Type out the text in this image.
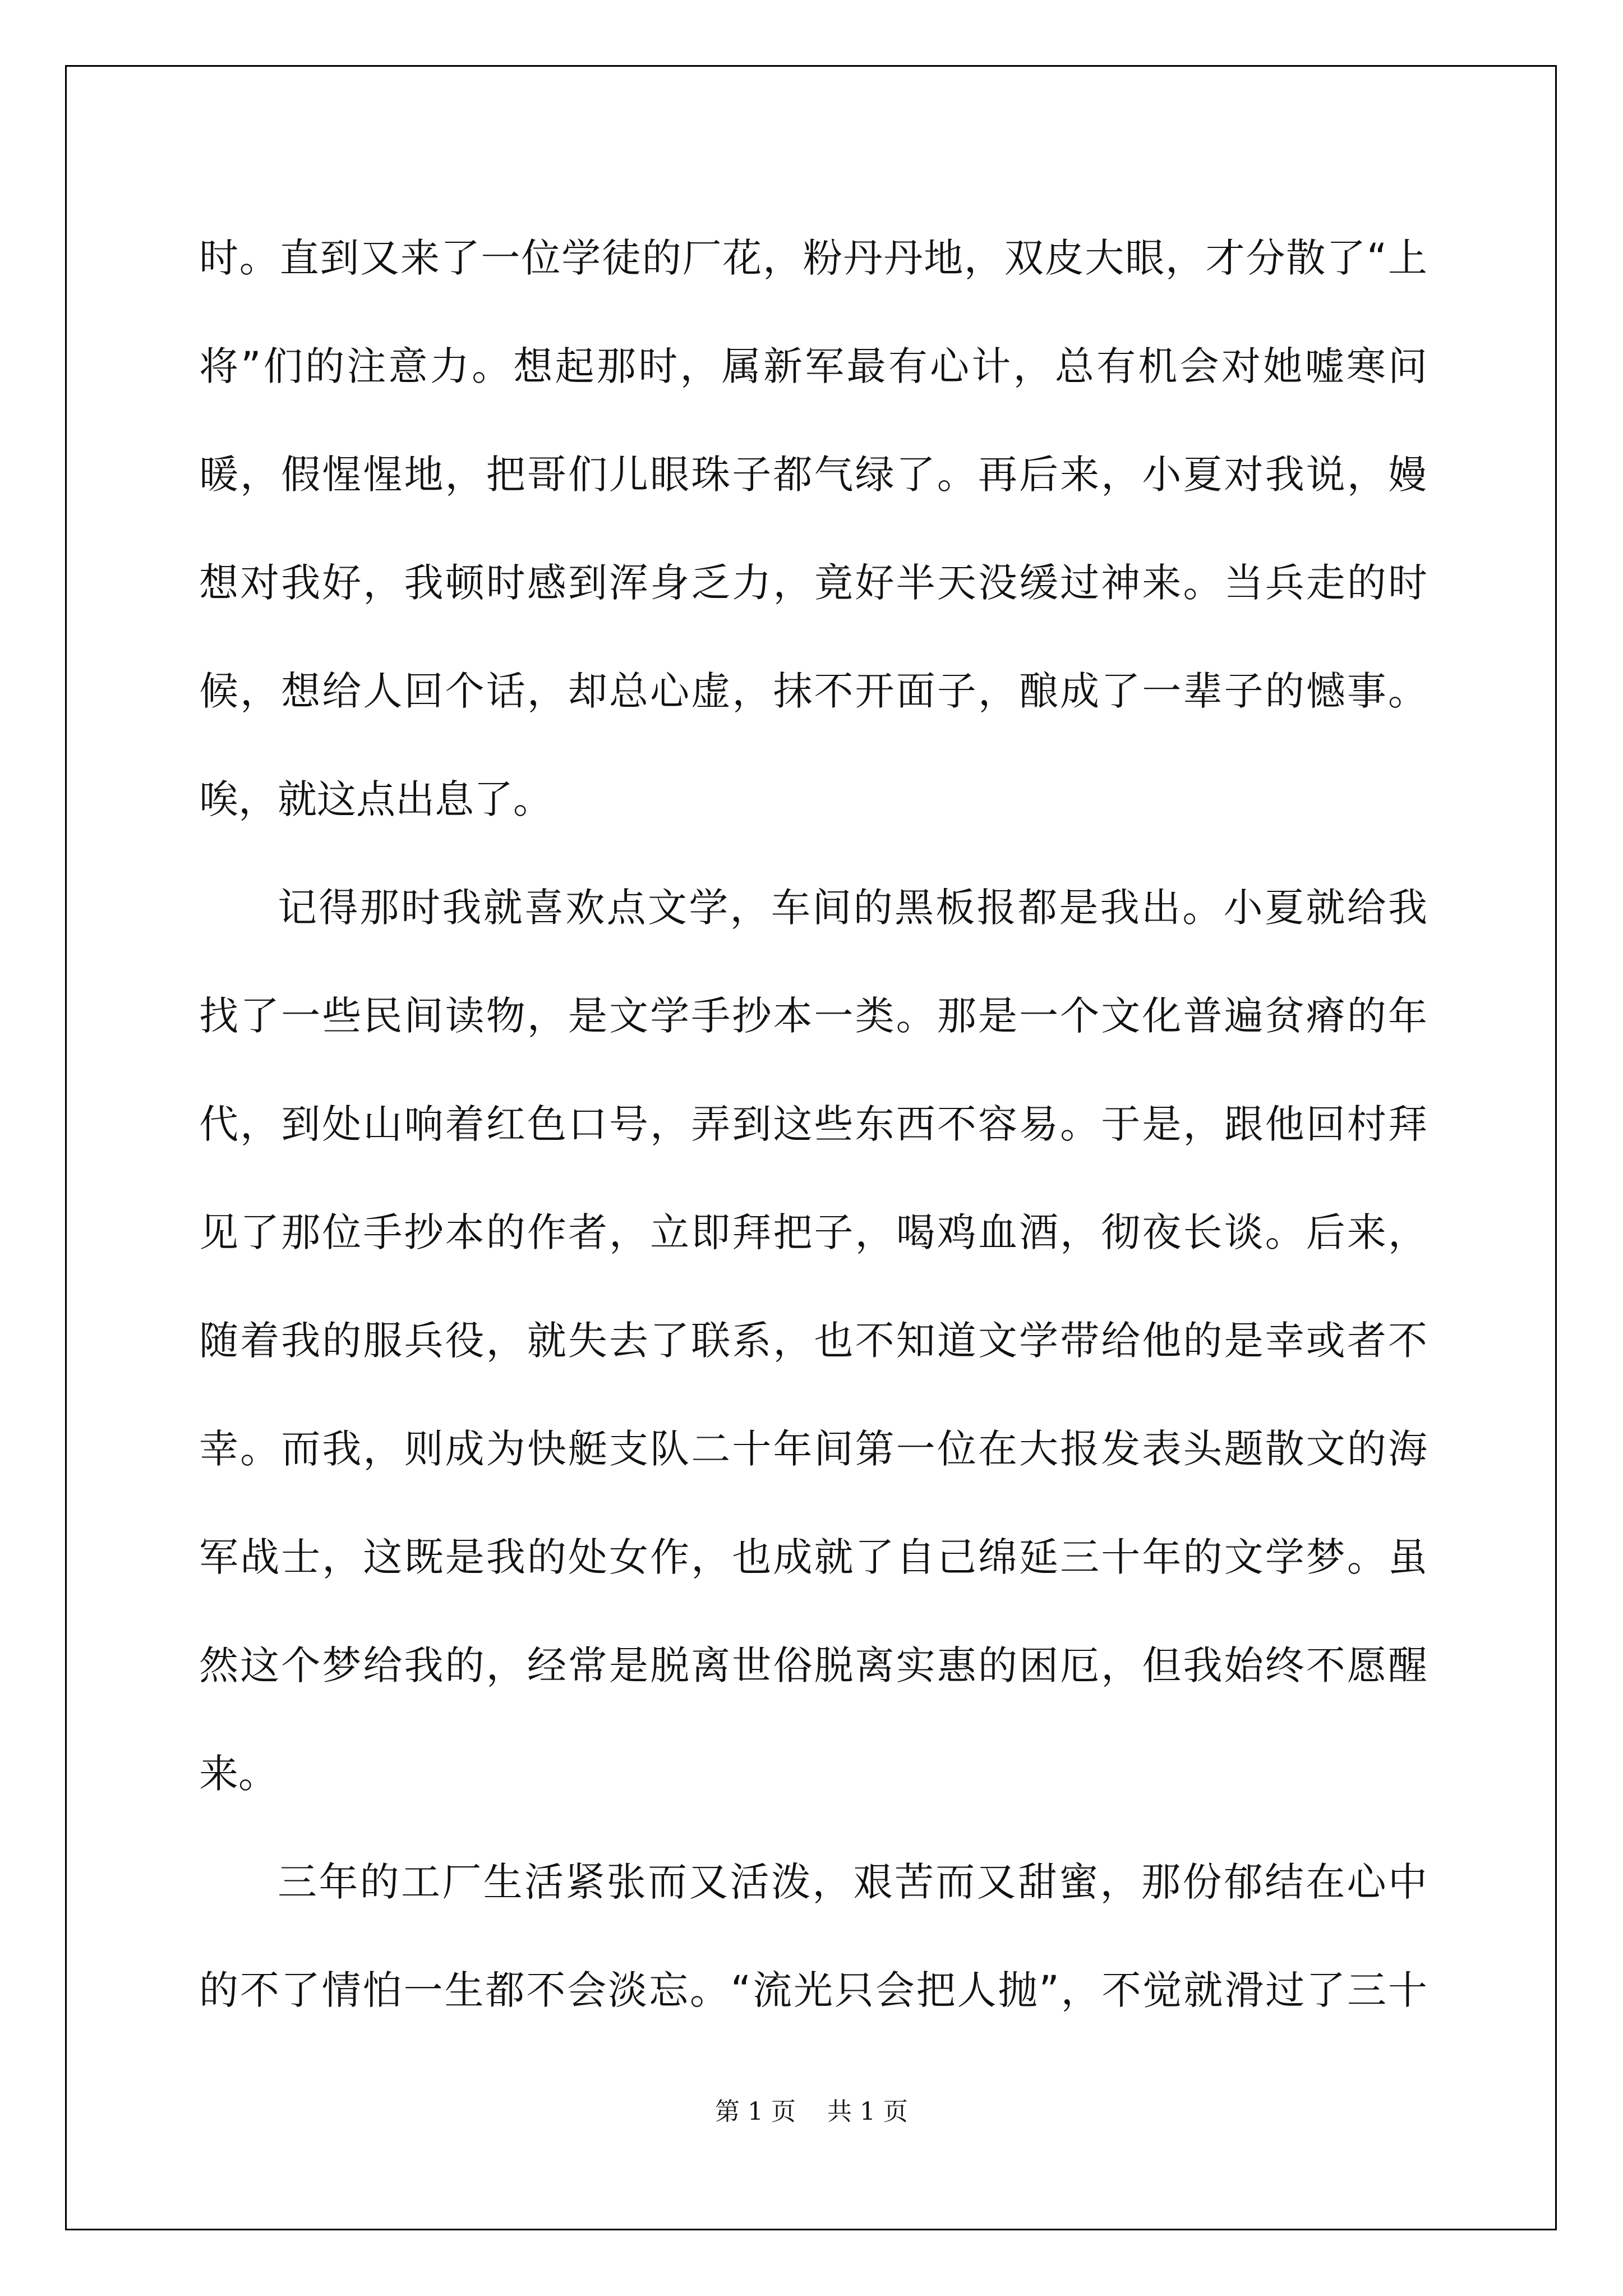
时。直到又来了一位学徒的厂花，粉丹丹地，双皮大眼，才分散了“上
将”们的注意力。想起那时，属新军最有心计，总有机会对她嘘寒问
暖，假惺惺地，把哥们儿眼珠子都气绿了。再后来，小夏对我说，嫚
想对我好，我顿时感到浑身乏力，竟好半天没缓过神来。当兵走的时
候，想给人回个话，却总心虚，抹不开面子，酿成了一辈子的憾事。
唉，就这点出息了。
记得那时我就喜欢点文学，车间的黑板报都是我出。小夏就给我
找了一些民间读物，是文学手抄本一类。那是一个文化普遍贫瘠的年
代，到处山响着红色口号，弄到这些东西不容易。于是，跟他回村拜
见了那位手抄本的作者，立即拜把子，喝鸡血酒，彻夜长谈。后来，
随着我的服兵役，就失去了联系，也不知道文学带给他的是幸或者不
幸。而我，则成为快艇支队二十年间第一位在大报发表头题散文的海
军战士，这既是我的处女作，也成就了自己绵延三十年的文学梦。虽
然这个梦给我的，经常是脱离世俗脱离实惠的困厄，但我始终不愿醒
来。
三年的工厂生活紧张而又活泼，艰苦而又甜蜜，那份郁结在心中
的不了情怕一生都不会淡忘。“流光只会把人抛”，不觉就滑过了三十
第 1 页    共 1 页
